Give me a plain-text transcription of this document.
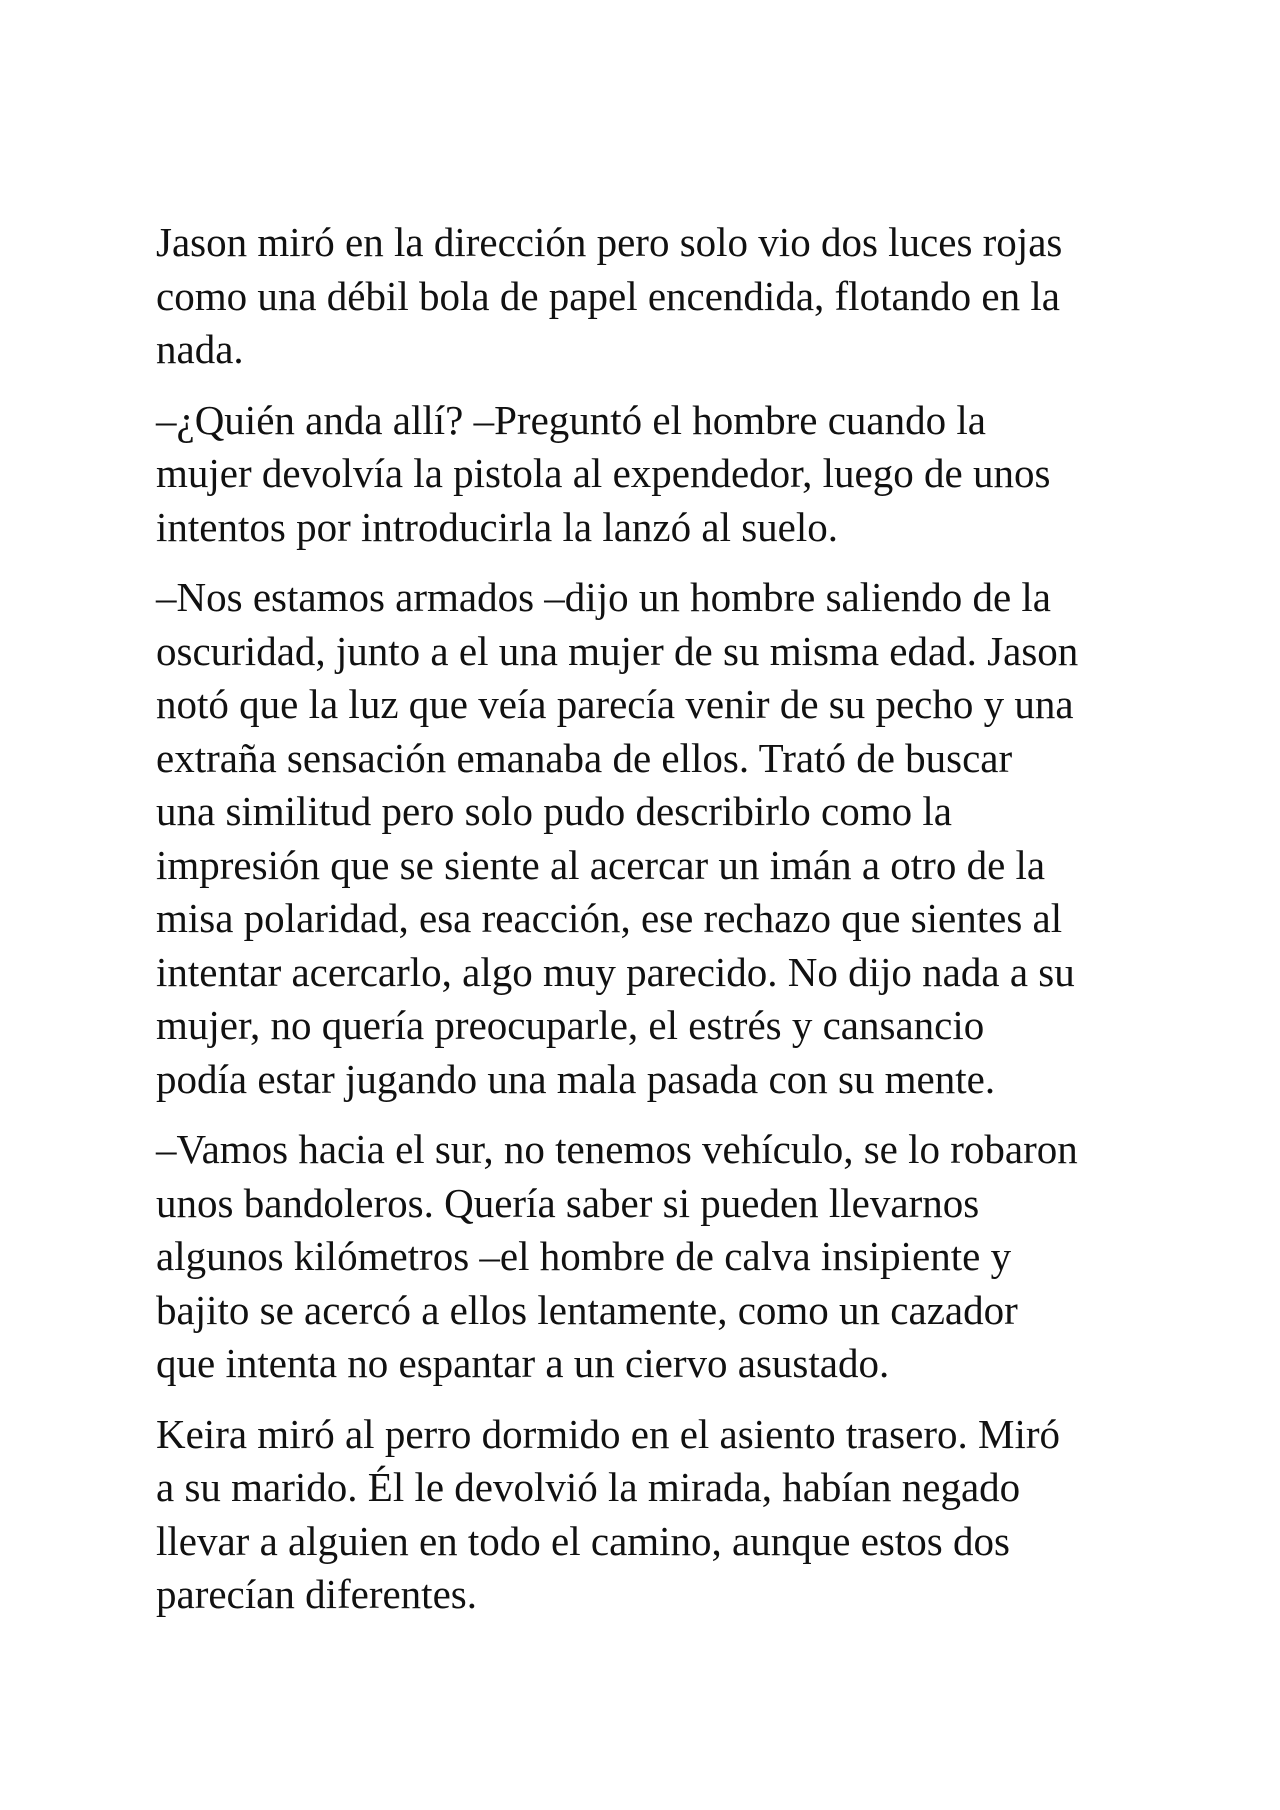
Jason miró en la dirección pero solo vio dos luces rojas
como una débil bola de papel encendida, flotando en la
nada.

–¿Quién anda allí? –Preguntó el hombre cuando la
mujer devolvía la pistola al expendedor, luego de unos
intentos por introducirla la lanzó al suelo.

–Nos estamos armados –dijo un hombre saliendo de la
oscuridad, junto a el una mujer de su misma edad. Jason
notó que la luz que veía parecía venir de su pecho y una
extraña sensación emanaba de ellos. Trató de buscar
una similitud pero solo pudo describirlo como la
impresión que se siente al acercar un imán a otro de la
misa polaridad, esa reacción, ese rechazo que sientes al
intentar acercarlo, algo muy parecido. No dijo nada a su
mujer, no quería preocuparle, el estrés y cansancio
podía estar jugando una mala pasada con su mente.

–Vamos hacia el sur, no tenemos vehículo, se lo robaron
unos bandoleros. Quería saber si pueden llevarnos
algunos kilómetros –el hombre de calva insipiente y
bajito se acercó a ellos lentamente, como un cazador
que intenta no espantar a un ciervo asustado.

Keira miró al perro dormido en el asiento trasero. Miró
a su marido. Él le devolvió la mirada, habían negado
llevar a alguien en todo el camino, aunque estos dos
parecían diferentes.
